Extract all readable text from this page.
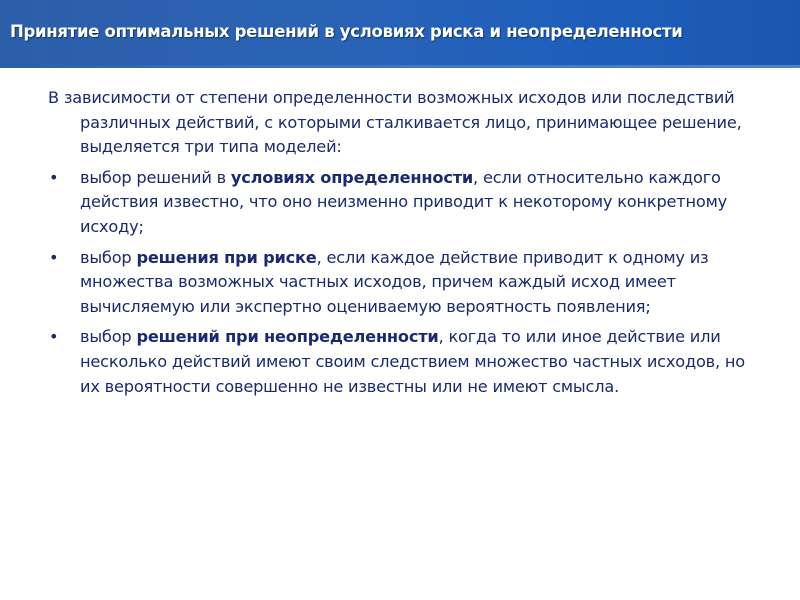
Принятие оптимальных решений в условиях риска и неопределенности

В зависимости от степени определенности возможных исходов или последствий различных действий, с которыми сталкивается лицо, принимающее решение, выделяется три типа моделей:

• выбор решений в условиях определенности, если относительно каждого действия известно, что оно неизменно приводит к некоторому конкретному исходу;
• выбор решения при риске, если каждое действие приводит к одному из множества возможных частных исходов, причем каждый исход имеет вычисляемую или экспертно оцениваемую вероятность появления;
• выбор решений при неопределенности, когда то или иное действие или несколько действий имеют своим следствием множество частных исходов, но их вероятности совершенно не известны или не имеют смысла.
